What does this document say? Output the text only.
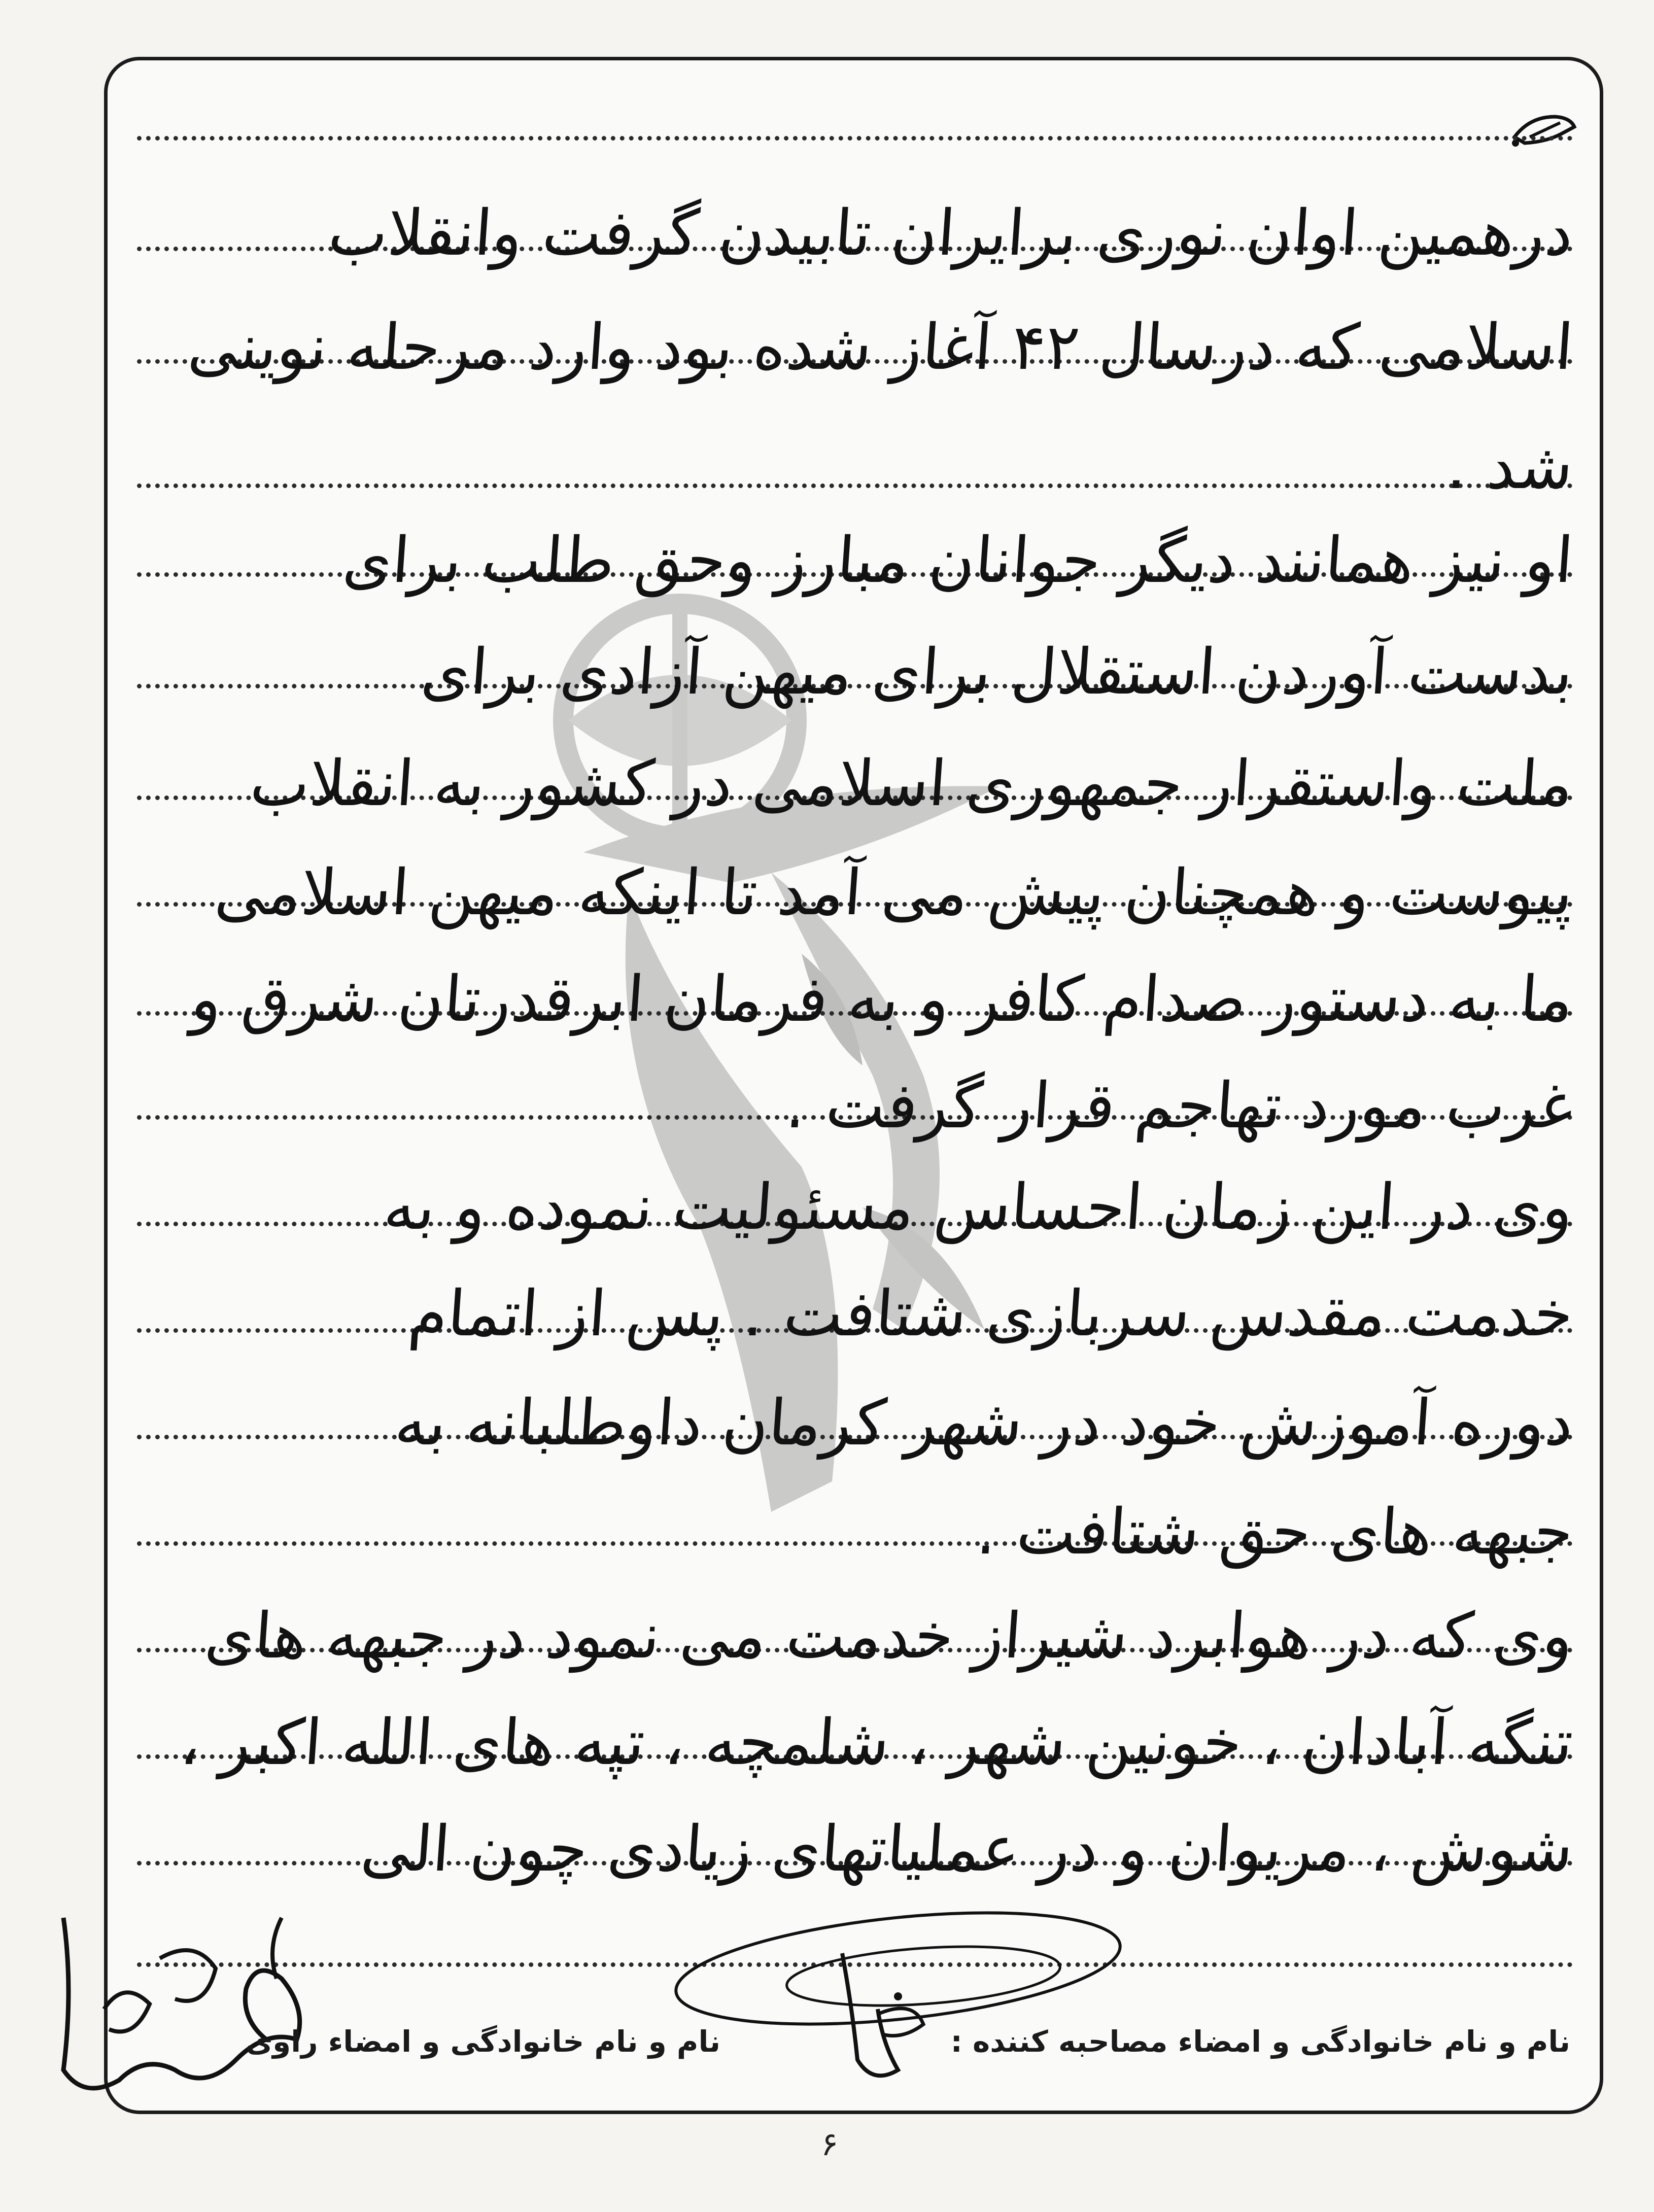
درهمین اوان نوری برایران تابیدن گرفت وانقلاب
اسلامی که درسال ۴۲ آغاز شده بود وارد مرحله نوینی
شد .
او نیز همانند دیگر جوانان مبارز وحق طلب برای
بدست آوردن استقلال برای میهن آزادی برای
ملت واستقرار جمهوری اسلامی در کشور به انقلاب
پیوست و همچنان پیش می آمد تا اینکه میهن اسلامی
ما به دستور صدام کافر و به فرمان ابرقدرتان شرق و
غرب مورد تهاجم قرار گرفت .
وی در این زمان احساس مسئولیت نموده و به
خدمت مقدس سربازی شتافت . پس از اتمام
دوره آموزش خود در شهر کرمان داوطلبانه به
جبهه های حق شتافت .
وی که در هوابرد شیراز خدمت می نمود در جبهه های
تنگه آبادان ، خونین شهر ، شلمچه ، تپه های الله اکبر ،
شوش ، مریوان و در عملیاتهای زیادی چون الی
نام و نام خانوادگی و امضاء مصاحبه کننده :
نام و نام خانوادگی و امضاء راوی
۶
